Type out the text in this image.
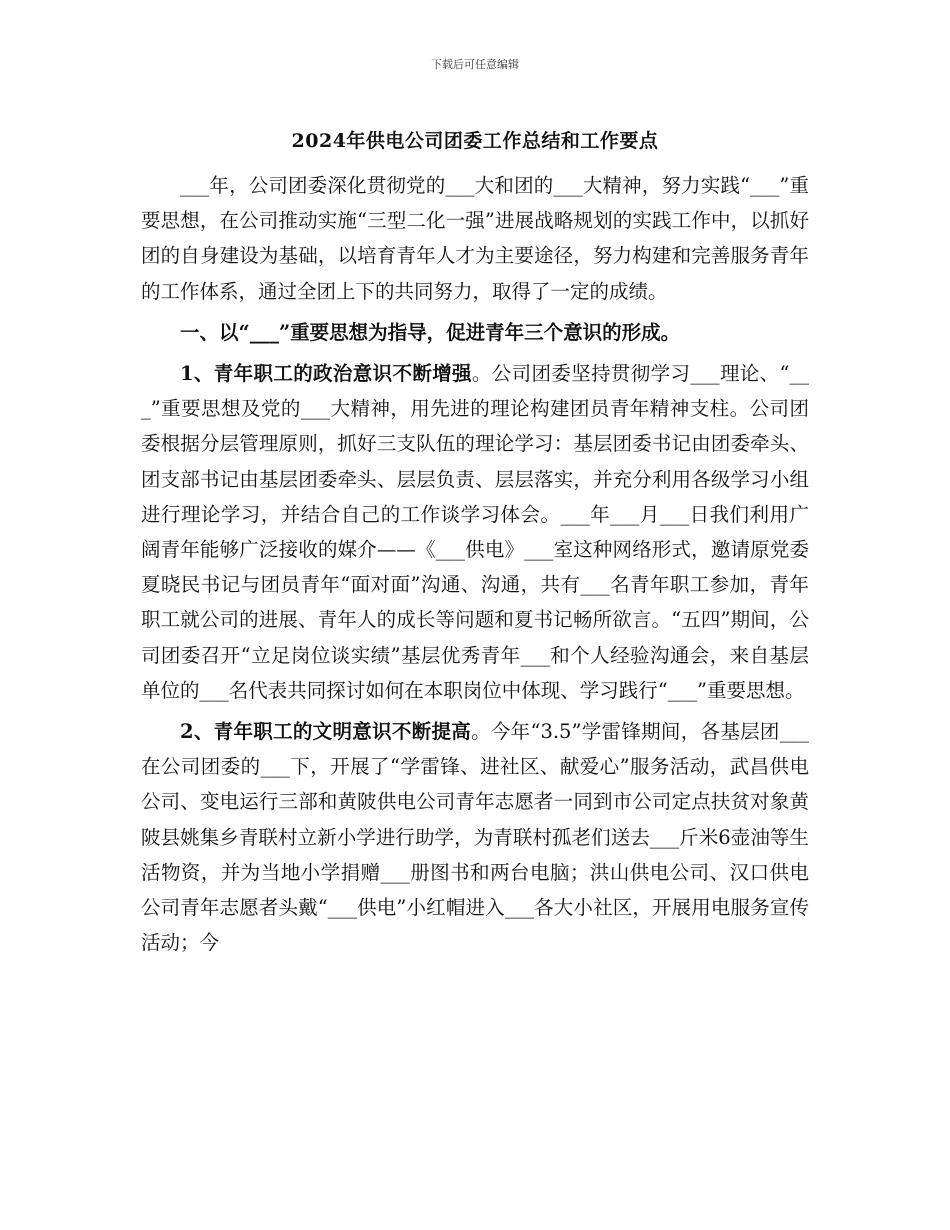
下载后可任意编辑
2024年供电公司团委工作总结和工作要点

___年，公司团委深化贯彻党的___大和团的___大精神，努力实践“___”重要思想，在公司推动实施“三型二化一强”进展战略规划的实践工作中，以抓好团的自身建设为基础，以培育青年人才为主要途径，努力构建和完善服务青年的工作体系，通过全团上下的共同努力，取得了一定的成绩。

一、以“___”重要思想为指导，促进青年三个意识的形成。

1、青年职工的政治意识不断增强。公司团委坚持贯彻学习___理论、“___”重要思想及党的___大精神，用先进的理论构建团员青年精神支柱。公司团委根据分层管理原则，抓好三支队伍的理论学习：基层团委书记由团委牵头、团支部书记由基层团委牵头、层层负责、层层落实，并充分利用各级学习小组进行理论学习，并结合自己的工作谈学习体会。___年___月___日我们利用广阔青年能够广泛接收的媒介——《___供电》___室这种网络形式，邀请原党委夏晓民书记与团员青年“面对面”沟通、沟通，共有___名青年职工参加，青年职工就公司的进展、青年人的成长等问题和夏书记畅所欲言。“五四”期间，公司团委召开“立足岗位谈实绩”基层优秀青年___和个人经验沟通会，来自基层单位的___名代表共同探讨如何在本职岗位中体现、学习践行“___”重要思想。

2、青年职工的文明意识不断提高。今年“3.5”学雷锋期间，各基层团___在公司团委的___下，开展了“学雷锋、进社区、献爱心”服务活动，武昌供电公司、变电运行三部和黄陂供电公司青年志愿者一同到市公司定点扶贫对象黄陂县姚集乡青联村立新小学进行助学，为青联村孤老们送去___斤米6壶油等生活物资，并为当地小学捐赠___册图书和两台电脑；洪山供电公司、汉口供电公司青年志愿者头戴“___供电”小红帽进入___各大小社区，开展用电服务宣传活动；今
